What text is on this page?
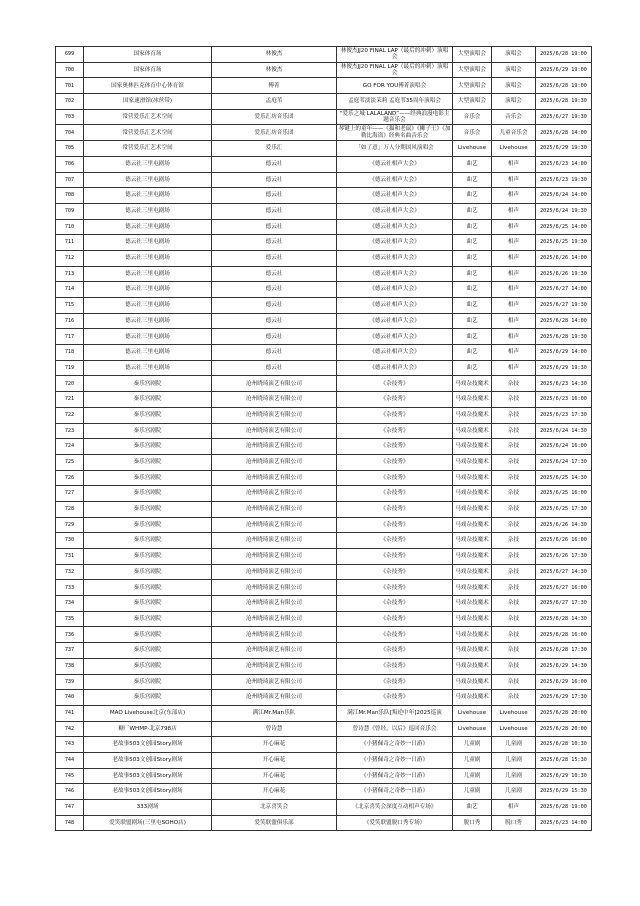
699	国家体育场	林俊杰	林俊杰JJ20 FINAL LAP（最后的冲刺）演唱会	大型演唱会	演唱会	2025/6/28 19:00
700	国家体育场	林俊杰	林俊杰JJ20 FINAL LAP（最后的冲刺）演唱会	大型演唱会	演唱会	2025/6/29 19:00
701	国家奥林匹克体育中心体育馆	傅菁	GO FOR YOU傅菁演唱会	大型演唱会	演唱会	2025/6/28 19:00
702	国家速滑馆(冰丝带)	孟庭苇	孟庭苇淡淡茉莉 孟庭苇35周年演唱会	大型演唱会	演唱会	2025/6/28 19:30
703	常营爱乐汇艺术空间	爱乐汇坊音乐团	“爱乐之城 LALALAND”——经典浪漫电影主题音乐会	音乐会	音乐会	2025/6/27 19:30
704	常营爱乐汇艺术空间	爱乐汇坊音乐团	琴键上的童年——《猫和老鼠》《狮子王》《加勒比海盗》经典名曲音乐会	音乐会	儿童音乐会	2025/6/28 14:00
705	常营爱乐汇艺术空间	爱乐汇	「如了意」万人分期国风演唱会	Livehouse	Livehouse	2025/6/29 19:30
706	德云社三里屯剧场	德云社	《德云社相声大会》	曲艺	相声	2025/6/23 14:00
707	德云社三里屯剧场	德云社	《德云社相声大会》	曲艺	相声	2025/6/23 19:30
708	德云社三里屯剧场	德云社	《德云社相声大会》	曲艺	相声	2025/6/24 14:00
709	德云社三里屯剧场	德云社	《德云社相声大会》	曲艺	相声	2025/6/24 19:30
710	德云社三里屯剧场	德云社	《德云社相声大会》	曲艺	相声	2025/6/25 14:00
711	德云社三里屯剧场	德云社	《德云社相声大会》	曲艺	相声	2025/6/25 19:30
712	德云社三里屯剧场	德云社	《德云社相声大会》	曲艺	相声	2025/6/26 14:00
713	德云社三里屯剧场	德云社	《德云社相声大会》	曲艺	相声	2025/6/26 19:30
714	德云社三里屯剧场	德云社	《德云社相声大会》	曲艺	相声	2025/6/27 14:00
715	德云社三里屯剧场	德云社	《德云社相声大会》	曲艺	相声	2025/6/27 19:30
716	德云社三里屯剧场	德云社	《德云社相声大会》	曲艺	相声	2025/6/28 14:00
717	德云社三里屯剧场	德云社	《德云社相声大会》	曲艺	相声	2025/6/28 19:30
718	德云社三里屯剧场	德云社	《德云社相声大会》	曲艺	相声	2025/6/29 14:00
719	德云社三里屯剧场	德云社	《德云社相声大会》	曲艺	相声	2025/6/29 19:30
720	秦乐宫剧院	沧州晓琦演艺有限公司	《杂技秀》	马戏杂技魔术	杂技	2025/6/23 14:30
721	秦乐宫剧院	沧州晓琦演艺有限公司	《杂技秀》	马戏杂技魔术	杂技	2025/6/23 16:00
722	秦乐宫剧院	沧州晓琦演艺有限公司	《杂技秀》	马戏杂技魔术	杂技	2025/6/23 17:30
723	秦乐宫剧院	沧州晓琦演艺有限公司	《杂技秀》	马戏杂技魔术	杂技	2025/6/24 14:30
724	秦乐宫剧院	沧州晓琦演艺有限公司	《杂技秀》	马戏杂技魔术	杂技	2025/6/24 16:00
725	秦乐宫剧院	沧州晓琦演艺有限公司	《杂技秀》	马戏杂技魔术	杂技	2025/6/24 17:30
726	秦乐宫剧院	沧州晓琦演艺有限公司	《杂技秀》	马戏杂技魔术	杂技	2025/6/25 14:30
727	秦乐宫剧院	沧州晓琦演艺有限公司	《杂技秀》	马戏杂技魔术	杂技	2025/6/25 16:00
728	秦乐宫剧院	沧州晓琦演艺有限公司	《杂技秀》	马戏杂技魔术	杂技	2025/6/25 17:30
729	秦乐宫剧院	沧州晓琦演艺有限公司	《杂技秀》	马戏杂技魔术	杂技	2025/6/26 14:30
730	秦乐宫剧院	沧州晓琦演艺有限公司	《杂技秀》	马戏杂技魔术	杂技	2025/6/26 16:00
731	秦乐宫剧院	沧州晓琦演艺有限公司	《杂技秀》	马戏杂技魔术	杂技	2025/6/26 17:30
732	秦乐宫剧院	沧州晓琦演艺有限公司	《杂技秀》	马戏杂技魔术	杂技	2025/6/27 14:30
733	秦乐宫剧院	沧州晓琦演艺有限公司	《杂技秀》	马戏杂技魔术	杂技	2025/6/27 16:00
734	秦乐宫剧院	沧州晓琦演艺有限公司	《杂技秀》	马戏杂技魔术	杂技	2025/6/27 17:30
735	秦乐宫剧院	沧州晓琦演艺有限公司	《杂技秀》	马戏杂技魔术	杂技	2025/6/28 14:30
736	秦乐宫剧院	沧州晓琦演艺有限公司	《杂技秀》	马戏杂技魔术	杂技	2025/6/28 16:00
737	秦乐宫剧院	沧州晓琦演艺有限公司	《杂技秀》	马戏杂技魔术	杂技	2025/6/28 17:30
738	秦乐宫剧院	沧州晓琦演艺有限公司	《杂技秀》	马戏杂技魔术	杂技	2025/6/29 14:30
739	秦乐宫剧院	沧州晓琦演艺有限公司	《杂技秀》	马戏杂技魔术	杂技	2025/6/29 16:00
740	秦乐宫剧院	沧州晓琦演艺有限公司	《杂技秀》	马戏杂技魔术	杂技	2025/6/29 17:30
741	MAO Livehouse北京(东部店)	满江Mr.Man乐队	满江Mr.Man乐队[叛逆中年]2025巡演	Livehouse	Livehouse	2025/6/28 20:00
742	糖厂WHMP·北京798店	曾诗慧	曾诗慧《曾经，以后》巡回音乐会	Livehouse	Livehouse	2025/6/28 20:00
743	老故事503文创园Story剧场	开心麻花	《小猪佩奇之奇妙一日游》	儿童剧	儿童剧	2025/6/28 10:30
744	老故事503文创园Story剧场	开心麻花	《小猪佩奇之奇妙一日游》	儿童剧	儿童剧	2025/6/28 15:30
745	老故事503文创园Story剧场	开心麻花	《小猪佩奇之奇妙一日游》	儿童剧	儿童剧	2025/6/29 10:30
746	老故事503文创园Story剧场	开心麻花	《小猪佩奇之奇妙一日游》	儿童剧	儿童剧	2025/6/29 15:30
747	333剧场	北京喜笑会	《北京喜笑会深度互动相声专场》	曲艺	相声	2025/6/28 19:00
748	爱笑联盟剧场(三里屯SOHO店)	爱笑联盟俱乐部	《爱笑联盟脱口秀专场》	脱口秀	脱口秀	2025/6/23 14:00
